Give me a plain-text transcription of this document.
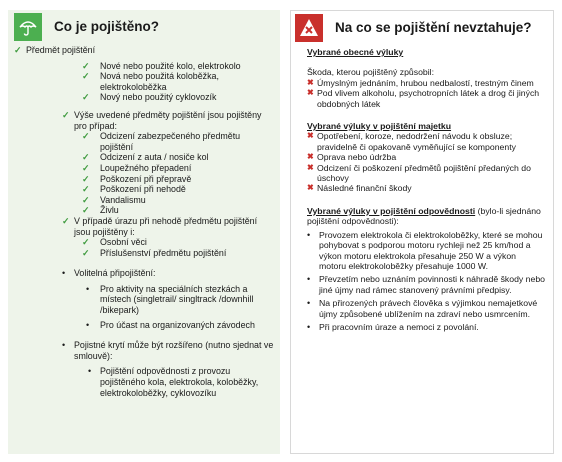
Co je pojištěno?

✓ Předmět pojištění

✓ Nové nebo použité kolo, elektrokolo

✓ Nová nebo použitá koloběžka, elektrokoloběžka

✓ Nový nebo použitý cyklovozík

✓ Výše uvedené předměty pojištění jsou pojištěny pro případ:

✓ Odcizení zabezpečeného předmětu pojištění

✓ Odcizení z auta / nosiče kol

✓ Loupežného přepadení

✓ Poškození při přepravě

✓ Poškození při nehodě

✓ Vandalismu

✓ Živlu

✓ V případě úrazu při nehodě předmětu pojištění jsou pojištěny i:

✓ Osobní věci

✓ Příslušenství předmětu pojištění

• Volitelná připojištění:

• Pro aktivity na speciálních stezkách a místech (singletrail/ singltrack /downhill /bikepark)

• Pro účast na organizovaných závodech

• Pojistné krytí může být rozšířeno (nutno sjednat ve smlouvě):

• Pojištění odpovědnosti z provozu pojištěného kola, elektrokola, koloběžky, elektrokoloběžky, cyklovozíku

Na co se pojištění nevztahuje?

Vybrané obecné výluky

Škoda, kterou pojištěný způsobil:

✖ Úmyslným jednáním, hrubou nedbalostí, trestným činem

✖ Pod vlivem alkoholu, psychotropních látek a drog či jiných obdobných látek

Vybrané výluky v pojištění majetku

✖ Opotřebení, koroze, nedodržení návodu k obsluze; pravidelně či opakovaně vyměňující se komponenty

✖ Oprava nebo údržba

✖ Odcizení či poškození předmětů pojištění předaných do úschovy

✖ Následné finanční škody

Vybrané výluky v pojištění odpovědnosti (bylo-li sjednáno pojištění odpovědnosti):

• Provozem elektrokola či elektrokoloběžky, které se mohou pohybovat s podporou motoru rychleji než 25 km/hod a výkon motoru elektrokola přesahuje 250 W a výkon motoru elektrokoloběžky přesahuje 1000 W.

• Převzetím nebo uznáním povinnosti k náhradě škody nebo jiné újmy nad rámec stanovený právními předpisy.

• Na přirozených právech člověka s výjimkou nemajetkové újmy způsobené ublížením na zdraví nebo usmrcením.

• Při pracovním úraze a nemoci z povolání.
